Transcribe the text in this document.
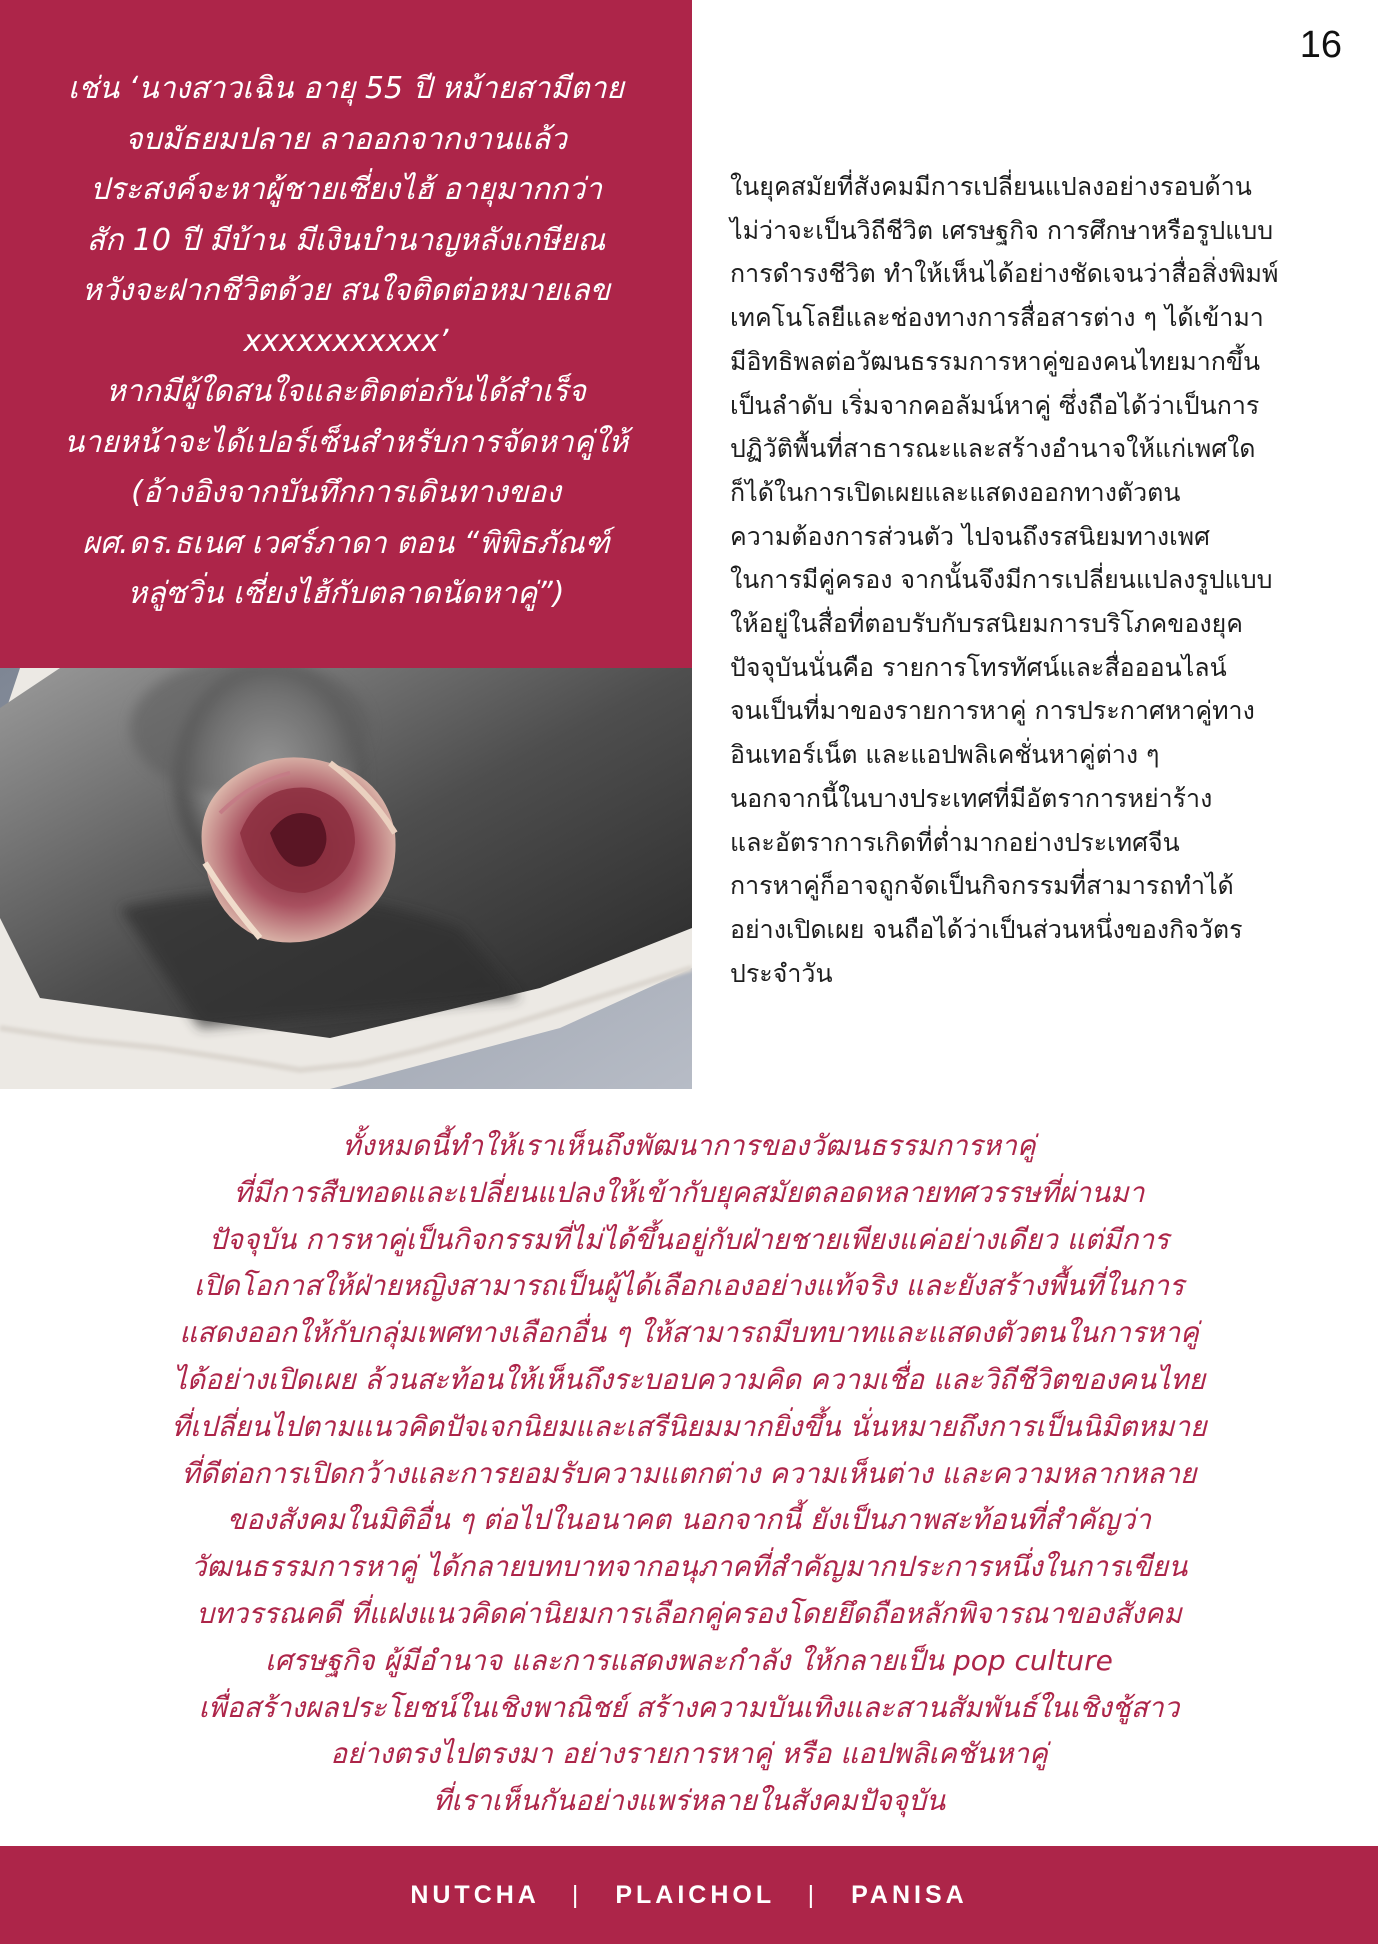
เช่น ‘นางสาวเฉิน อายุ 55 ปี หม้ายสามีตาย
จบมัธยมปลาย ลาออกจากงานแล้ว
ประสงค์จะหาผู้ชายเซี่ยงไฮ้ อายุมากกว่า
สัก 10 ปี มีบ้าน มีเงินบำนาญหลังเกษียณ
หวังจะฝากชีวิตด้วย สนใจติดต่อหมายเลข
xxxxxxxxxxx’
หากมีผู้ใดสนใจและติดต่อกันได้สำเร็จ
นายหน้าจะได้เปอร์เซ็นสำหรับการจัดหาคู่ให้
(อ้างอิงจากบันทึกการเดินทางของ
ผศ.ดร.ธเนศ เวศร์ภาดา ตอน “พิพิธภัณฑ์
หลู่ซวิ่น เซี่ยงไฮ้กับตลาดนัดหาคู่”)

16

ในยุคสมัยที่สังคมมีการเปลี่ยนแปลงอย่างรอบด้าน
ไม่ว่าจะเป็นวิถีชีวิต เศรษฐกิจ การศึกษาหรือรูปแบบ
การดำรงชีวิต ทำให้เห็นได้อย่างชัดเจนว่าสื่อสิ่งพิมพ์
เทคโนโลยีและช่องทางการสื่อสารต่าง ๆ ได้เข้ามา
มีอิทธิพลต่อวัฒนธรรมการหาคู่ของคนไทยมากขึ้น
เป็นลำดับ เริ่มจากคอลัมน์หาคู่ ซึ่งถือได้ว่าเป็นการ
ปฏิวัติพื้นที่สาธารณะและสร้างอำนาจให้แก่เพศใด
ก็ได้ในการเปิดเผยและแสดงออกทางตัวตน
ความต้องการส่วนตัว ไปจนถึงรสนิยมทางเพศ
ในการมีคู่ครอง จากนั้นจึงมีการเปลี่ยนแปลงรูปแบบ
ให้อยู่ในสื่อที่ตอบรับกับรสนิยมการบริโภคของยุค
ปัจจุบันนั่นคือ รายการโทรทัศน์และสื่อออนไลน์
จนเป็นที่มาของรายการหาคู่ การประกาศหาคู่ทาง
อินเทอร์เน็ต และแอปพลิเคชั่นหาคู่ต่าง ๆ
นอกจากนี้ในบางประเทศที่มีอัตราการหย่าร้าง
และอัตราการเกิดที่ต่ำมากอย่างประเทศจีน
การหาคู่ก็อาจถูกจัดเป็นกิจกรรมที่สามารถทำได้
อย่างเปิดเผย จนถือได้ว่าเป็นส่วนหนึ่งของกิจวัตร
ประจำวัน

ทั้งหมดนี้ทำให้เราเห็นถึงพัฒนาการของวัฒนธรรมการหาคู่
ที่มีการสืบทอดและเปลี่ยนแปลงให้เข้ากับยุคสมัยตลอดหลายทศวรรษที่ผ่านมา
ปัจจุบัน การหาคู่เป็นกิจกรรมที่ไม่ได้ขึ้นอยู่กับฝ่ายชายเพียงแค่อย่างเดียว แต่มีการ
เปิดโอกาสให้ฝ่ายหญิงสามารถเป็นผู้ได้เลือกเองอย่างแท้จริง และยังสร้างพื้นที่ในการ
แสดงออกให้กับกลุ่มเพศทางเลือกอื่น ๆ ให้สามารถมีบทบาทและแสดงตัวตนในการหาคู่
ได้อย่างเปิดเผย ล้วนสะท้อนให้เห็นถึงระบอบความคิด ความเชื่อ และวิถีชีวิตของคนไทย
ที่เปลี่ยนไปตามแนวคิดปัจเจกนิยมและเสรีนิยมมากยิ่งขึ้น นั่นหมายถึงการเป็นนิมิตหมาย
ที่ดีต่อการเปิดกว้างและการยอมรับความแตกต่าง ความเห็นต่าง และความหลากหลาย
ของสังคมในมิติอื่น ๆ ต่อไปในอนาคต นอกจากนี้ ยังเป็นภาพสะท้อนที่สำคัญว่า
วัฒนธรรมการหาคู่ ได้กลายบทบาทจากอนุภาคที่สำคัญมากประการหนึ่งในการเขียน
บทวรรณคดี ที่แฝงแนวคิดค่านิยมการเลือกคู่ครองโดยยึดถือหลักพิจารณาของสังคม
เศรษฐกิจ ผู้มีอำนาจ และการแสดงพละกำลัง ให้กลายเป็น pop culture
เพื่อสร้างผลประโยชน์ในเชิงพาณิชย์ สร้างความบันเทิงและสานสัมพันธ์ในเชิงชู้สาว
อย่างตรงไปตรงมา อย่างรายการหาคู่ หรือ แอปพลิเคชันหาคู่
ที่เราเห็นกันอย่างแพร่หลายในสังคมปัจจุบัน

NUTCHA | PLAICHOL | PANISA
